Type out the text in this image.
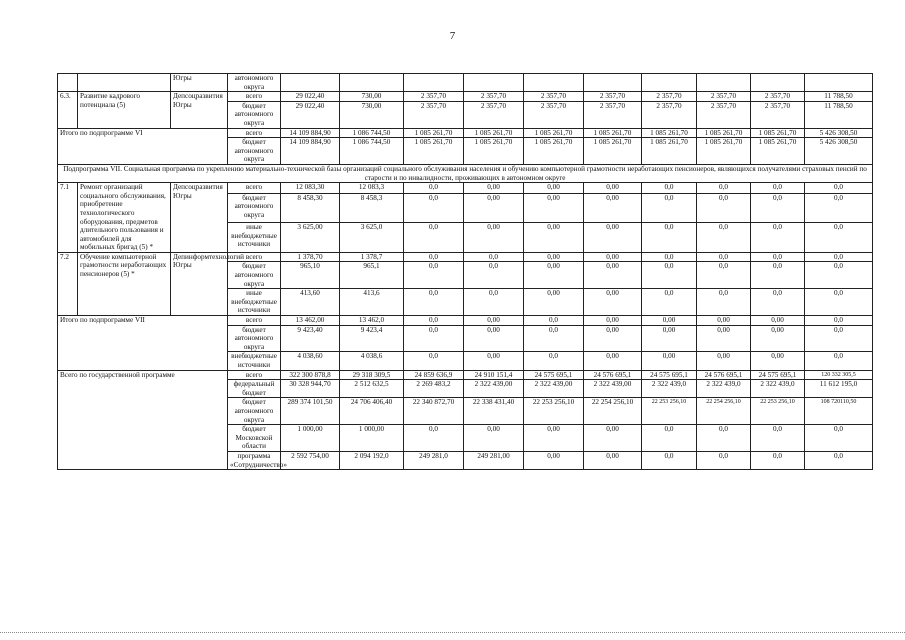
7
		Югры	автономного округа										
6.3.	Развитие кадрового потенциала (5)	Депсоцразвития Югры	всего	29 022,40	730,00	2 357,70	2 357,70	2 357,70	2 357,70	2 357,70	2 357,70	2 357,70	11 788,50
			бюджет автономного округа	29 022,40	730,00	2 357,70	2 357,70	2 357,70	2 357,70	2 357,70	2 357,70	2 357,70	11 788,50
Итого по подпрограмме VI			всего	14 109 884,90	1 086 744,50	1 085 261,70	1 085 261,70	1 085 261,70	1 085 261,70	1 085 261,70	1 085 261,70	1 085 261,70	5 426 308,50
			бюджет автономного округа	14 109 884,90	1 086 744,50	1 085 261,70	1 085 261,70	1 085 261,70	1 085 261,70	1 085 261,70	1 085 261,70	1 085 261,70	5 426 308,50
Подпрограмма VII. Социальная программа по укреплению материально-технической базы организаций социального обслуживания населения и обучению компьютерной грамотности неработающих пенсионеров, являющихся получателями страховых пенсий по старости и по инвалидности, проживающих в автономном округе													
7.1	Ремонт организаций социального обслуживания, приобретение технологического оборудования, предметов длительного пользования и автомобилей для мобильных бригад (5) *	Депсоцразвития Югры	всего	12 083,30	12 083,3	0,0	0,00	0,00	0,00	0,0	0,0	0,0	0,0
			бюджет автономного округа	8 458,30	8 458,3	0,0	0,00	0,00	0,00	0,0	0,0	0,0	0,0
			иные внебюджетные источники	3 625,00	3 625,0	0,0	0,00	0,00	0,00	0,0	0,0	0,0	0,0
7.2	Обучение компьютерной грамотности неработающих пенсионеров (5) *	Депинформтехнологий Югры	всего	1 378,70	1 378,7	0,0	0,0	0,00	0,00	0,0	0,0	0,0	0,0
			бюджет автономного округа	965,10	965,1	0,0	0,0	0,00	0,00	0,0	0,0	0,0	0,0
			иные внебюджетные источники	413,60	413,6	0,0	0,0	0,00	0,00	0,0	0,0	0,0	0,0
Итого по подпрограмме VII			всего	13 462,00	13 462,0	0,0	0,00	0,0	0,00	0,00	0,00	0,00	0,0
			бюджет автономного округа	9 423,40	9 423,4	0,0	0,00	0,0	0,00	0,00	0,00	0,00	0,0
			внебюджетные источники	4 038,60	4 038,6	0,0	0,00	0,0	0,00	0,00	0,00	0,00	0,0
Всего по государственной программе			всего	322 300 878,8	29 318 309,5	24 859 636,9	24 910 151,4	24 575 695,1	24 576 695,1	24 575 695,1	24 576 695,1	24 575 695,1	120 332 305,5
			федеральный бюджет	30 328 944,70	2 512 632,5	2 269 483,2	2 322 439,00	2 322 439,00	2 322 439,00	2 322 439,0	2 322 439,0	2 322 439,0	11 612 195,0
			бюджет автономного округа	289 374 101,50	24 706 406,40	22 340 872,70	22 338 431,40	22 253 256,10	22 254 256,10	22 253 256,10	22 254 256,10	22 253 256,10	108 720110,50
			бюджет Московской области	1 000,00	1 000,00	0,0	0,00	0,00	0,00	0,0	0,0	0,0	0,0
			программа «Сотрудничество»	2 592 754,00	2 094 192,0	249 281,0	249 281,00	0,00	0,00	0,0	0,0	0,0	0,0
